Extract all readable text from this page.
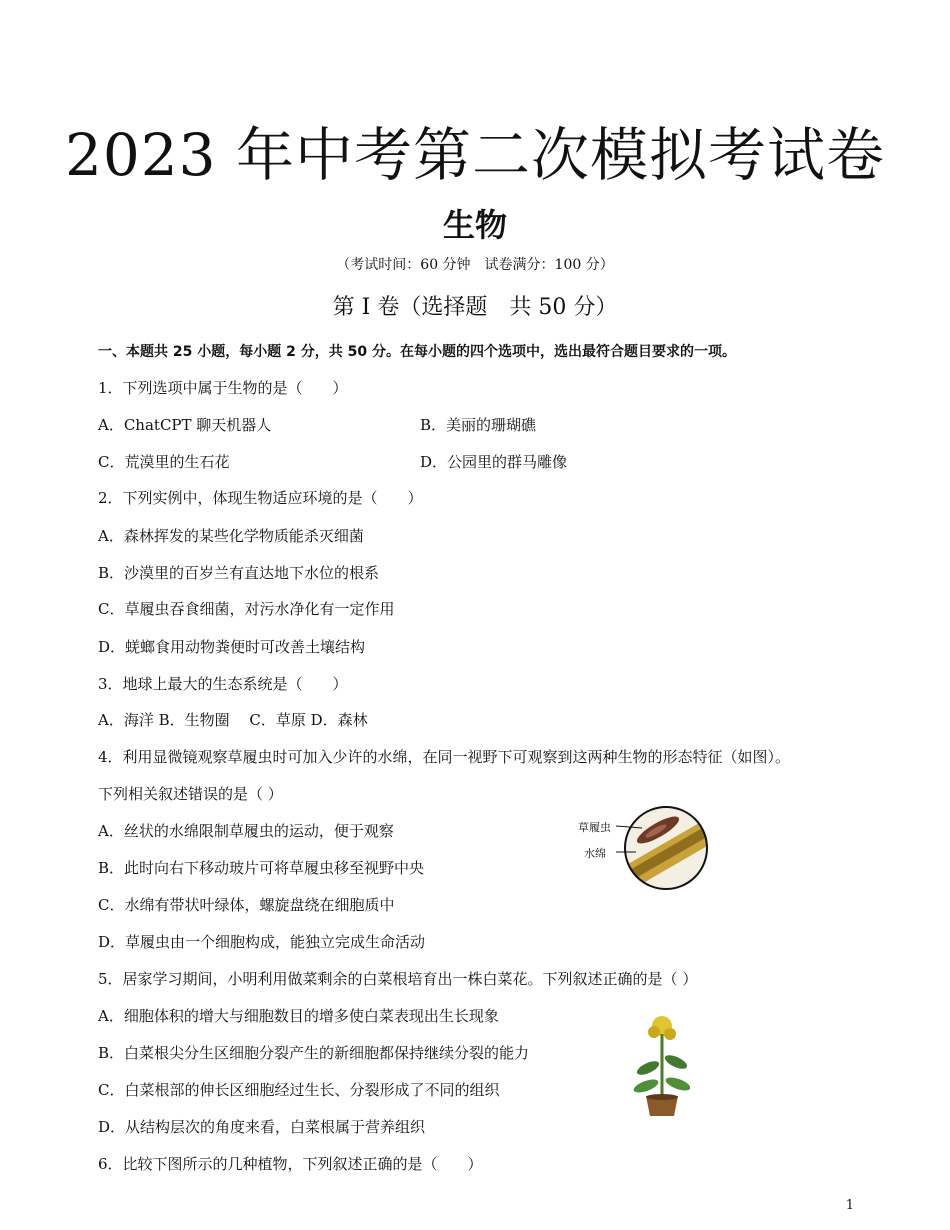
2023 年中考第二次模拟考试卷
生物
（考试时间：60 分钟　试卷满分：100 分）
第 I 卷（选择题　共 50 分）
一、本题共 25 小题，每小题 2 分，共 50 分。在每小题的四个选项中，选出最符合题目要求的一项。
1．下列选项中属于生物的是（　　）
A．ChatCPT 聊天机器人	B．美丽的珊瑚礁
C．荒漠里的生石花	D．公园里的群马雕像
2．下列实例中，体现生物适应环境的是（　　）
A．森林挥发的某些化学物质能杀灭细菌
B．沙漠里的百岁兰有直达地下水位的根系
C．草履虫吞食细菌，对污水净化有一定作用
D．蜣螂食用动物粪便时可改善土壤结构
3．地球上最大的生态系统是（　　）
A．海洋 B．生物圈　 C．草原 D．森林
4．利用显微镜观察草履虫时可加入少许的水绵，在同一视野下可观察到这两种生物的形态特征（如图）。
下列相关叙述错误的是（ ）
A．丝状的水绵限制草履虫的运动，便于观察
B．此时向右下移动玻片可将草履虫移至视野中央
C．水绵有带状叶绿体，螺旋盘绕在细胞质中
D．草履虫由一个细胞构成，能独立完成生命活动
草履虫
水绵
5．居家学习期间，小明利用做菜剩余的白菜根培育出一株白菜花。下列叙述正确的是（ ）
A．细胞体积的增大与细胞数目的增多使白菜表现出生长现象
B．白菜根尖分生区细胞分裂产生的新细胞都保持继续分裂的能力
C．白菜根部的伸长区细胞经过生长、分裂形成了不同的组织
D．从结构层次的角度来看，白菜根属于营养组织
6．比较下图所示的几种植物，下列叙述正确的是（　　）
1
